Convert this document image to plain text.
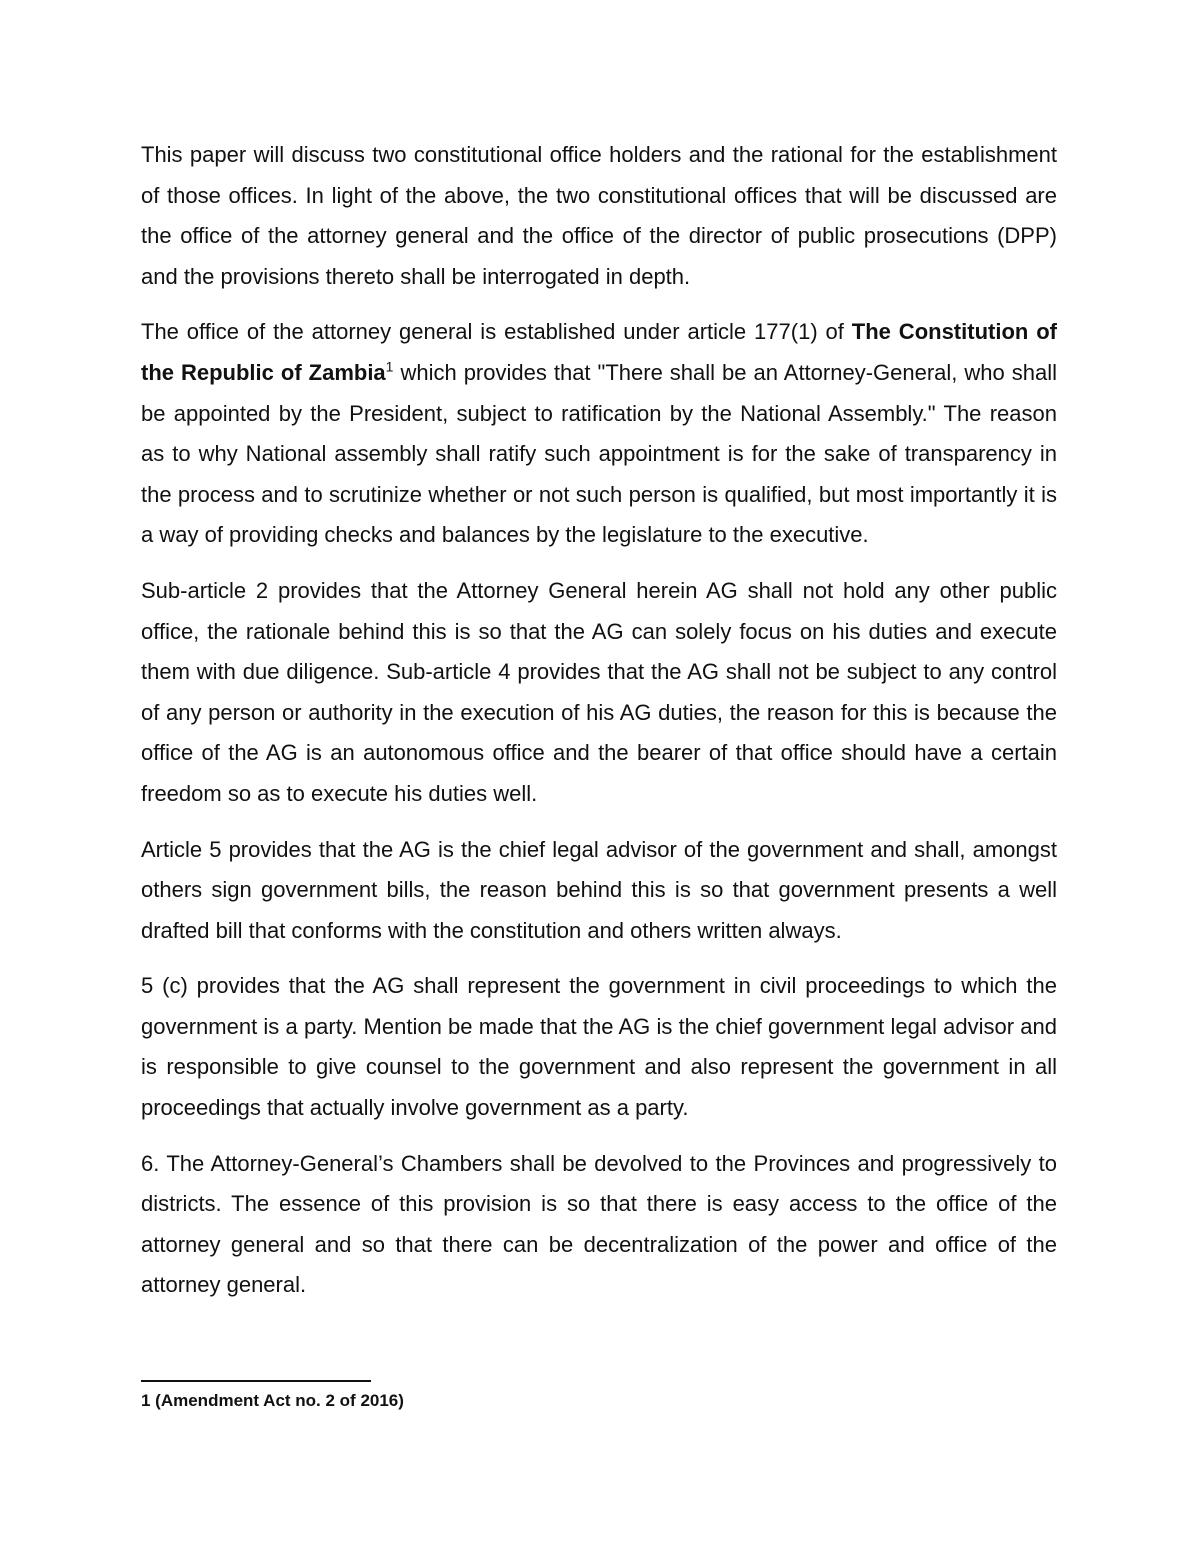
This paper will discuss two constitutional office holders and the rational for the establishment of those offices. In light of the above, the two constitutional offices that will be discussed are the office of the attorney general and the office of the director of public prosecutions (DPP) and the provisions thereto shall be interrogated in depth.

The office of the attorney general is established under article 177(1) of The Constitution of the Republic of Zambia$^1$ which provides that "There shall be an Attorney-General, who shall be appointed by the President, subject to ratification by the National Assembly." The reason as to why National assembly shall ratify such appointment is for the sake of transparency in the process and to scrutinize whether or not such person is qualified, but most importantly it is a way of providing checks and balances by the legislature to the executive.

Sub-article 2 provides that the Attorney General herein AG shall not hold any other public office, the rationale behind this is so that the AG can solely focus on his duties and execute them with due diligence. Sub-article 4 provides that the AG shall not be subject to any control of any person or authority in the execution of his AG duties, the reason for this is because the office of the AG is an autonomous office and the bearer of that office should have a certain freedom so as to execute his duties well.

Article 5 provides that the AG is the chief legal advisor of the government and shall, amongst others sign government bills, the reason behind this is so that government presents a well drafted bill that conforms with the constitution and others written always.

5 (c) provides that the AG shall represent the government in civil proceedings to which the government is a party. Mention be made that the AG is the chief government legal advisor and is responsible to give counsel to the government and also represent the government in all proceedings that actually involve government as a party.

6. The Attorney-General’s Chambers shall be devolved to the Provinces and progressively to districts. The essence of this provision is so that there is easy access to the office of the attorney general and so that there can be decentralization of the power and office of the attorney general.

1 (Amendment Act no. 2 of 2016)
